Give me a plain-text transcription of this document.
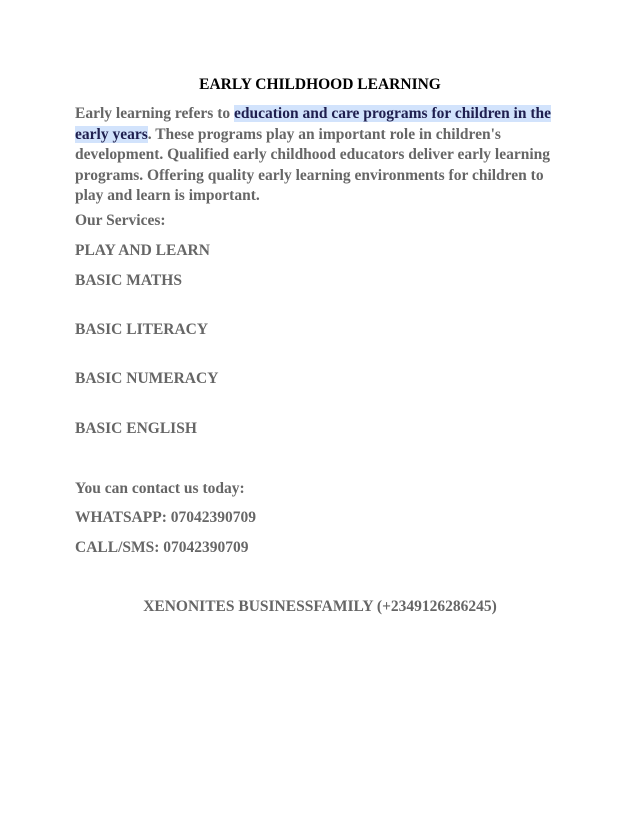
EARLY CHILDHOOD LEARNING

Early learning refers to education and care programs for children in the early years. These programs play an important role in children's development. Qualified early childhood educators deliver early learning programs. Offering quality early learning environments for children to play and learn is important.

Our Services:
PLAY AND LEARN
BASIC MATHS
BASIC LITERACY
BASIC NUMERACY
BASIC ENGLISH
You can contact us today:
WHATSAPP: 07042390709
CALL/SMS: 07042390709
XENONITES BUSINESSFAMILY (+2349126286245)
